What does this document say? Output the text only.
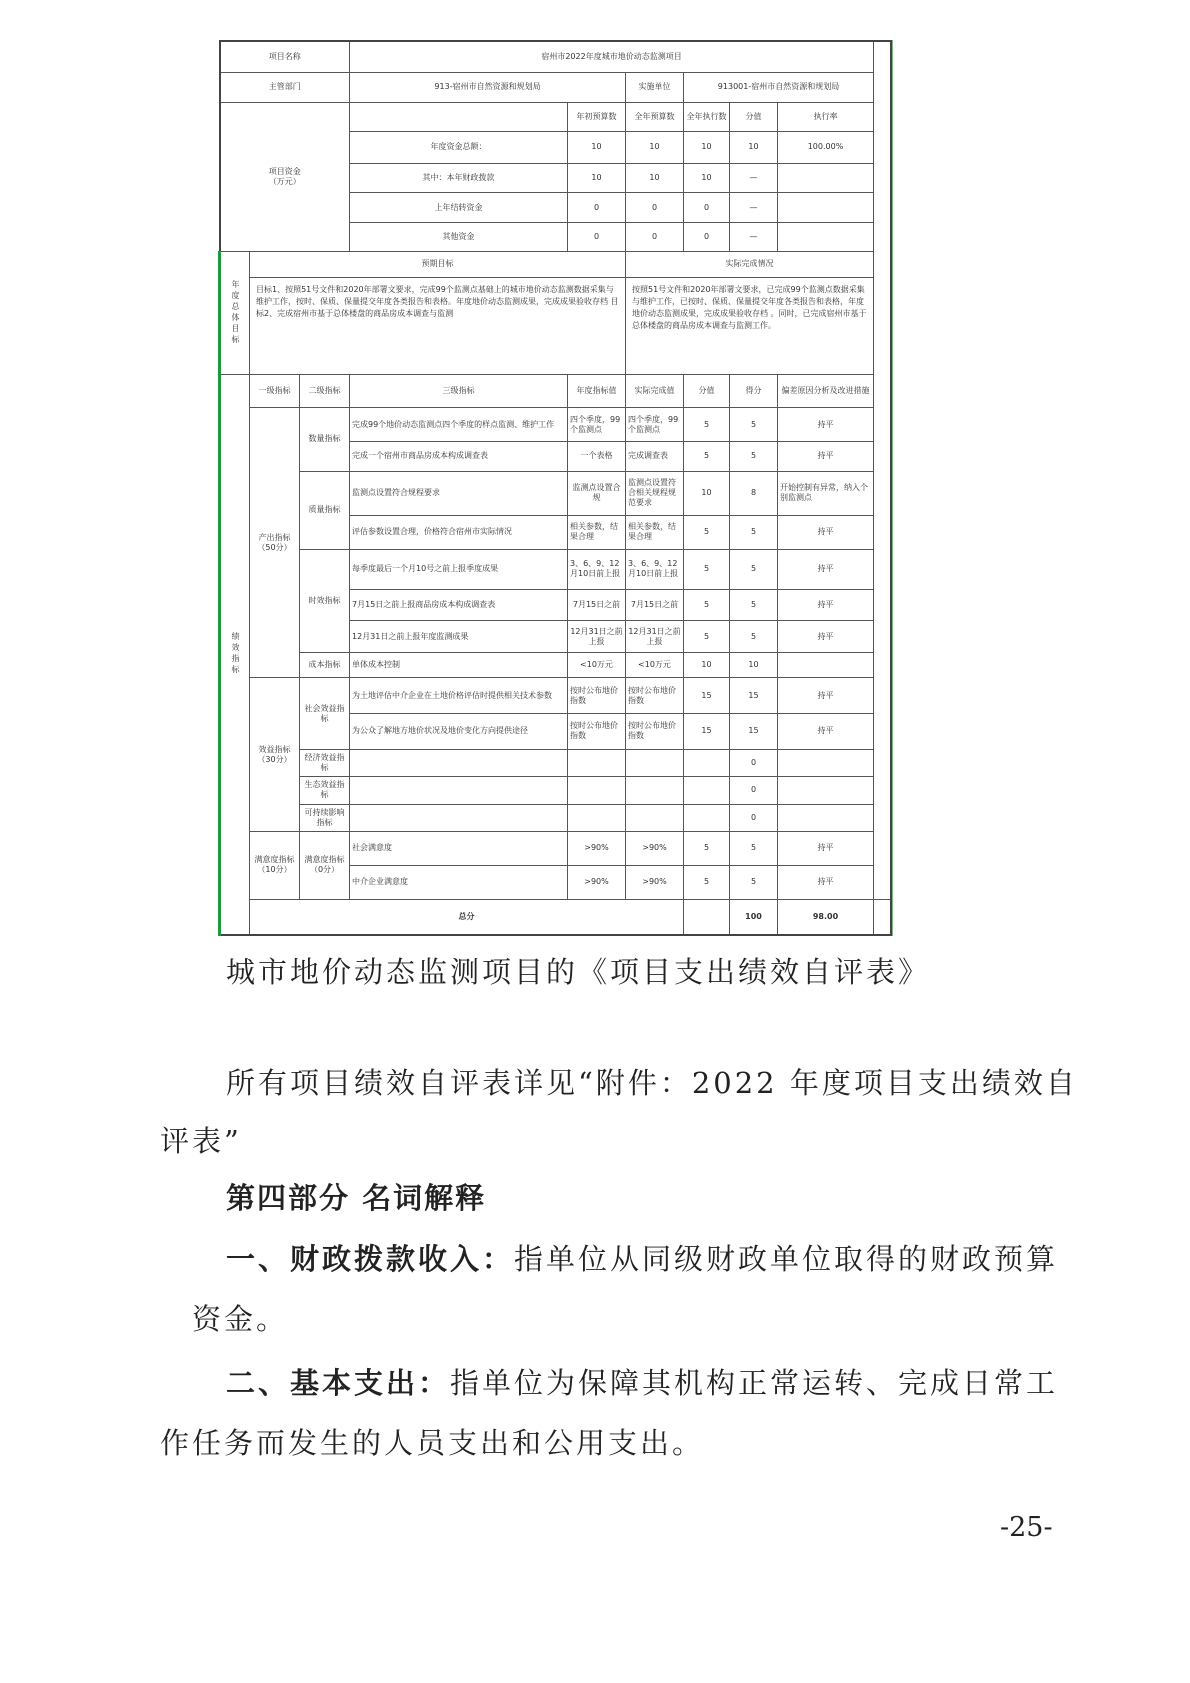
项目名称			宿州市2022年度城市地价动态监测项目						
主管部门			913-宿州市自然资源和规划局		实施单位	913001-宿州市自然资源和规划局			
项目资金
（万元）				年初预算数	全年预算数	全年执行数	分值	执行率	
			年度资金总额：	10	10	10	10	100.00%	
			其中：本年财政拨款	10	10	10	—		
			上年结转资金	0	0	0	—		
			其他资金	0	0	0	—		
年度总体目标	预期目标				实际完成情况				
	目标1、按照51号文件和2020年部署文要求，完成99个监测点基础上的城市地价动态监测数据采集与维护工作，按时、保质、保量提交年度各类报告和表格。年度地价动态监测成果，完成成果验收存档 目标2、完成宿州市基于总体楼盘的商品房成本调查与监测				按照51号文件和2020年部署文要求，已完成99个监测点数据采集与维护工作，已按时、保质、保量提交年度各类报告和表格，年度地价动态监测成果，完成成果验收存档 。同时，已完成宿州市基于总体楼盘的商品房成本调查与监测工作。				
绩效指标	一级指标	二级指标	三级指标	年度指标值	实际完成值	分值	得分	偏差原因分析及改进措施	
	产出指标
（50分）	数量指标	完成99个地价动态监测点四个季度的样点监测、维护工作	四个季度，99个监测点	四个季度，99个监测点	5	5	持平	
			完成一个宿州市商品房成本构成调查表	一个表格	完成调查表	5	5	持平	
		质量指标	监测点设置符合规程要求	监测点设置合规	监测点设置符合相关规程规范要求	10	8	开始控制有异常，纳入个别监测点	
			评估参数设置合理，价格符合宿州市实际情况	相关参数，结果合理	相关参数，结果合理	5	5	持平	
		时效指标	每季度最后一个月10号之前上报季度成果	3、6、9、12月10日前上报	3、6、9、12月10日前上报	5	5	持平	
			7月15日之前上报商品房成本构成调查表	7月15日之前	7月15日之前	5	5	持平	
			12月31日之前上报年度监测成果	12月31日之前上报	12月31日之前上报	5	5	持平	
		成本指标	单体成本控制	<10万元	<10万元	10	10		
	效益指标
（30分）	社会效益指标	为土地评估中介企业在土地价格评估时提供相关技术参数	按时公布地价指数	按时公布地价指数	15	15	持平	
			为公众了解地方地价状况及地价变化方向提供途径	按时公布地价指数	按时公布地价指数	15	15	持平	
		经济效益指标					0		
		生态效益指标					0		
		可持续影响指标					0		
	满意度指标（10分）	满意度指标（0分）	社会满意度	>90%	>90%	5	5	持平	
			中介企业满意度	>90%	>90%	5	5	持平	
	总分						100	98.00	
城市地价动态监测项目的《项目支出绩效自评表》
所有项目绩效自评表详见“附件：2022 年度项目支出绩效自
评表”
第四部分 名词解释
一、财政拨款收入：指单位从同级财政单位取得的财政预算
资金。
二、基本支出：指单位为保障其机构正常运转、完成日常工
作任务而发生的人员支出和公用支出。
-25-
